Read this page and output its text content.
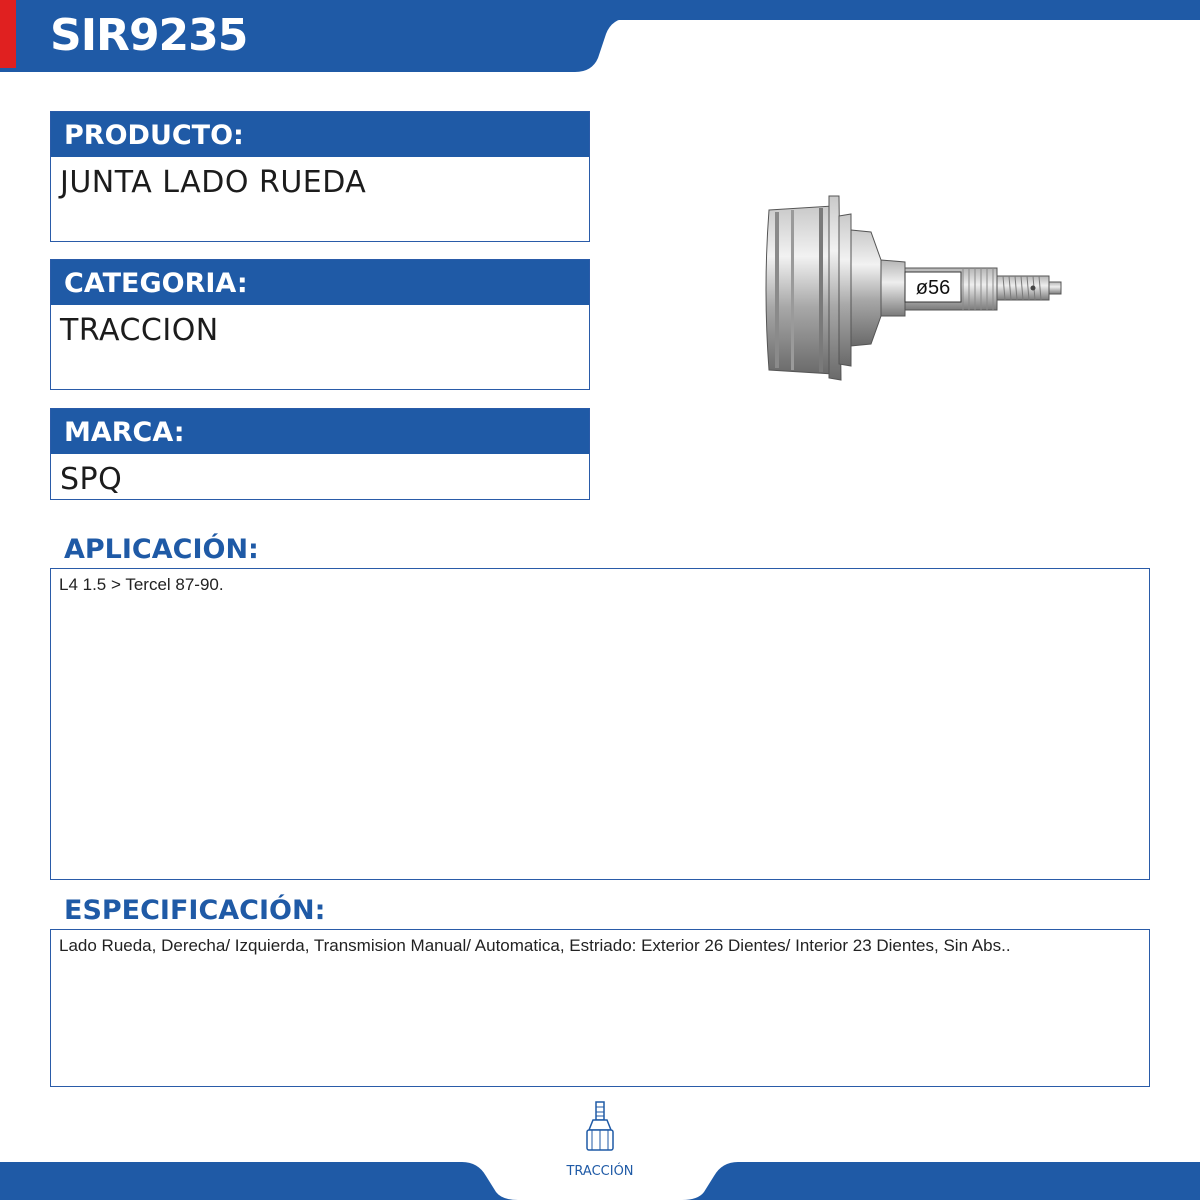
SIR9235
PRODUCTO:
JUNTA LADO RUEDA
CATEGORIA:
TRACCION
MARCA:
SPQ
ø56
APLICACIÓN:
L4 1.5 > Tercel 87-90.
ESPECIFICACIÓN:
Lado Rueda, Derecha/ Izquierda, Transmision Manual/ Automatica, Estriado: Exterior 26 Dientes/ Interior 23 Dientes, Sin Abs..
TRACCIÓN
